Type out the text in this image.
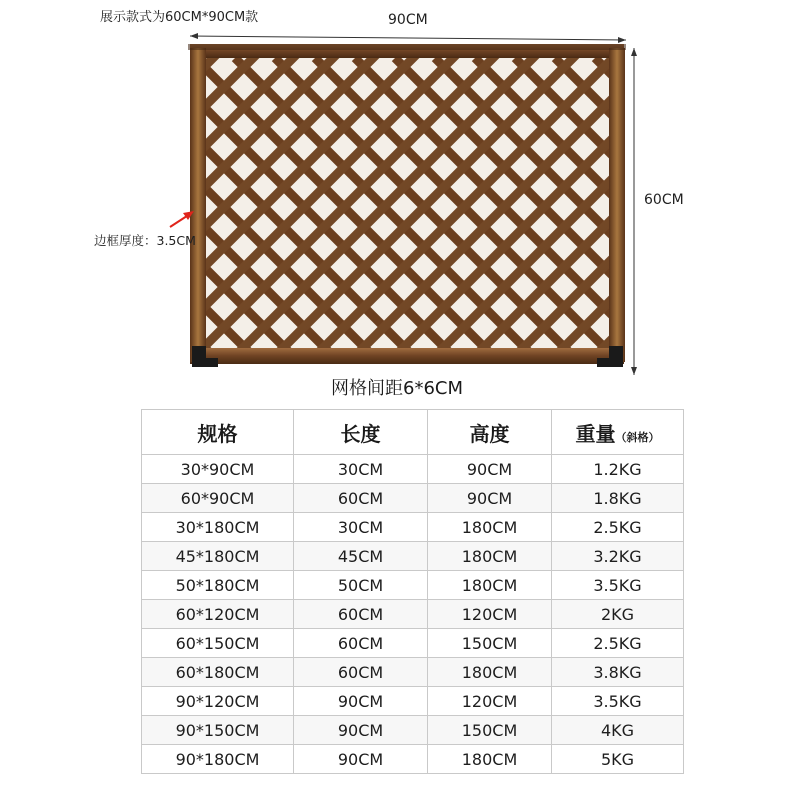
展示款式为60CM*90CM款	90CM
60CM
边框厚度：3.5CM
网格间距6*6CM
规格	长度	高度	重量（斜格）
30*90CM	30CM	90CM	1.2KG
60*90CM	60CM	90CM	1.8KG
30*180CM	30CM	180CM	2.5KG
45*180CM	45CM	180CM	3.2KG
50*180CM	50CM	180CM	3.5KG
60*120CM	60CM	120CM	2KG
60*150CM	60CM	150CM	2.5KG
60*180CM	60CM	180CM	3.8KG
90*120CM	90CM	120CM	3.5KG
90*150CM	90CM	150CM	4KG
90*180CM	90CM	180CM	5KG
